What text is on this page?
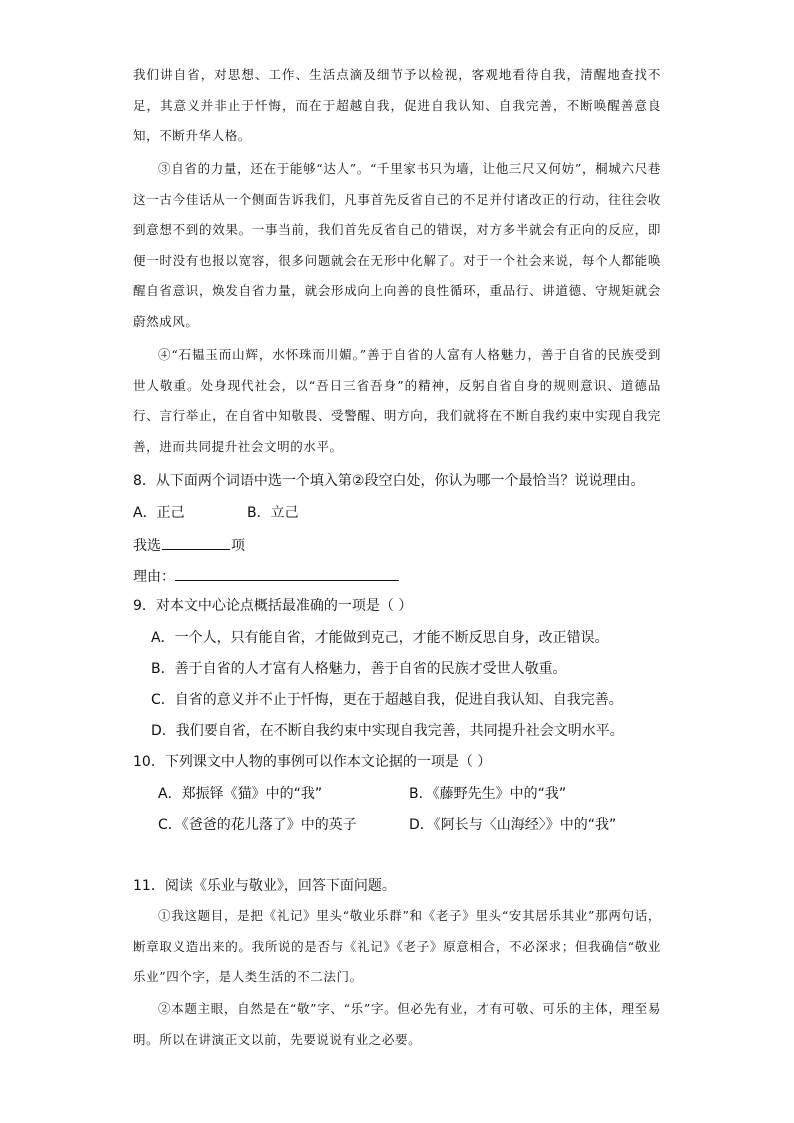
我们讲自省，对思想、工作、生活点滴及细节予以检视，客观地看待自我，清醒地查找不足，其意义并非止于忏悔，而在于超越自我，促进自我认知、自我完善，不断唤醒善意良知，不断升华人格。
③自省的力量，还在于能够“达人”。“千里家书只为墙，让他三尺又何妨”，桐城六尺巷这一古今佳话从一个侧面告诉我们，凡事首先反省自己的不足并付诸改正的行动，往往会收到意想不到的效果。一事当前，我们首先反省自己的错误，对方多半就会有正向的反应，即便一时没有也报以宽容，很多问题就会在无形中化解了。对于一个社会来说，每个人都能唤醒自省意识，焕发自省力量，就会形成向上向善的良性循环，重品行、讲道德、守规矩就会蔚然成风。
④“石韫玉而山辉，水怀珠而川媚。”善于自省的人富有人格魅力，善于自省的民族受到世人敬重。处身现代社会，以“吾日三省吾身”的精神，反躬自省自身的规则意识、道德品行、言行举止，在自省中知敬畏、受警醒、明方向，我们就将在不断自我约束中实现自我完善，进而共同提升社会文明的水平。
8．从下面两个词语中选一个填入第②段空白处，你认为哪一个最恰当？说说理由。
A．正己	B．立己
我选	项
理由：
9．对本文中心论点概括最准确的一项是（ ）
A．一个人，只有能自省，才能做到克己，才能不断反思自身，改正错误。
B．善于自省的人才富有人格魅力，善于自省的民族才受世人敬重。
C．自省的意义并不止于忏悔，更在于超越自我，促进自我认知、自我完善。
D．我们要自省，在不断自我约束中实现自我完善，共同提升社会文明水平。
10．下列课文中人物的事例可以作本文论据的一项是（ ）
A．郑振铎《猫》中的“我”	B．《藤野先生》中的“我”
C．《爸爸的花儿落了》中的英子	D．《阿长与〈山海经〉》中的“我”
11．阅读《乐业与敬业》，回答下面问题。
①我这题目，是把《礼记》里头“敬业乐群”和《老子》里头“安其居乐其业”那两句话，断章取义造出来的。我所说的是否与《礼记》《老子》原意相合，不必深求；但我确信“敬业乐业”四个字，是人类生活的不二法门。
②本题主眼，自然是在“敬”字、“乐”字。但必先有业，才有可敬、可乐的主体，理至易明。所以在讲演正文以前，先要说说有业之必要。
